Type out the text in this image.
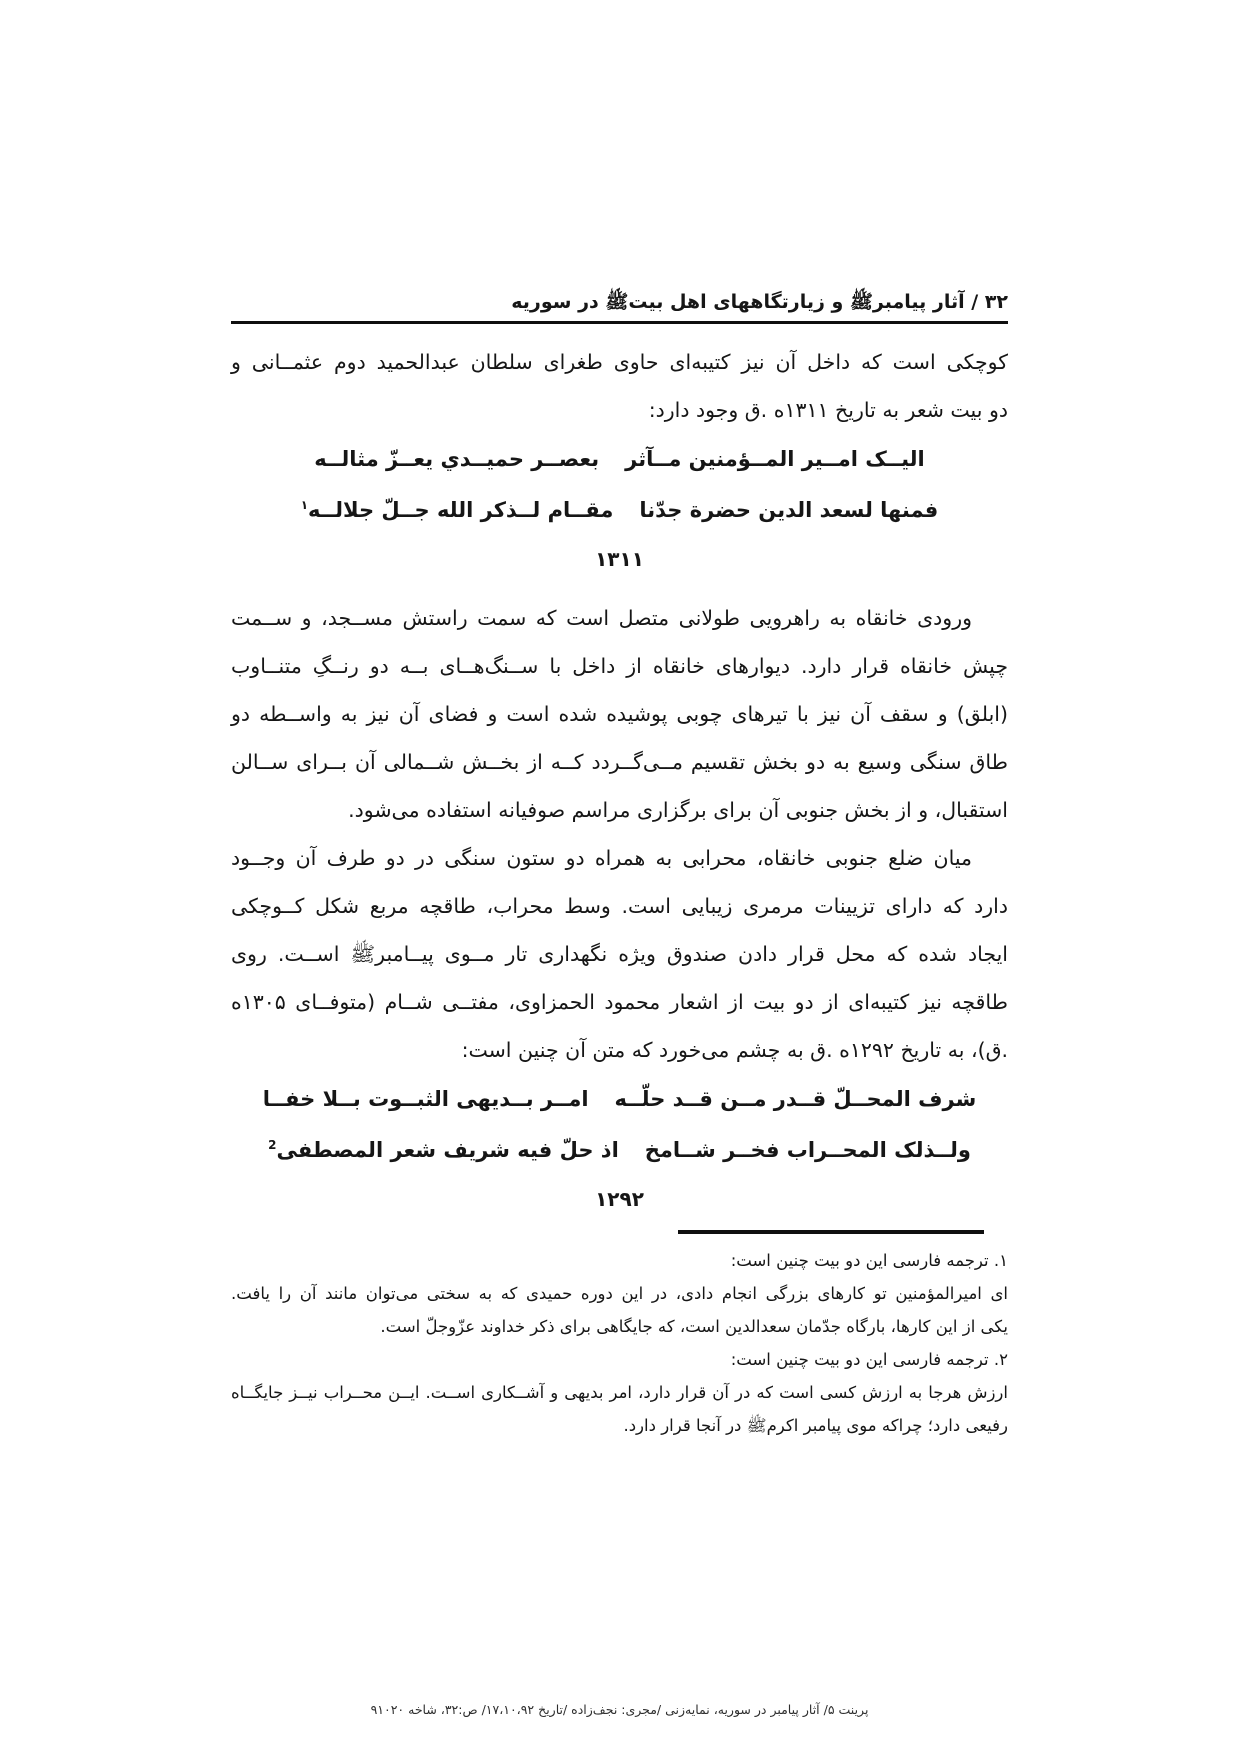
۳۲ / آثار پیامبرﷺ و زیارتگاههای اهل بیتﷺ در سوریه
کوچکی است که داخل آن نیز کتیبه‌ای حاوی طغرای سلطان عبدالحمید دوم عثمــانی و
دو بیت شعر به تاریخ ۱۳۱۱ه .ق وجود دارد:
الیــک امــیر المــؤمنین مــآثر
بعصــر حمیــدي یعــزّ مثالــه
فمنها لسعد الدین حضرة جدّنا
مقــام لــذکر الله جــلّ جلالــه$^۱$
۱۳۱۱
ورودی خانقاه به راهرویی طولانی متصل است که سمت راستش مســجد، و ســمت
چپش خانقاه قرار دارد. دیوارهای خانقاه از داخل با ســنگ‌هــای بــه دو رنــگِ متنــاوب
(ابلق) و سقف آن نیز با تیرهای چوبی پوشیده شده است و فضای آن نیز به واســطه دو
طاق سنگی وسیع به دو بخش تقسیم مــی‌گــردد کــه از بخــش شــمالی آن بــرای ســالن
استقبال، و از بخش جنوبی آن برای برگزاری مراسم صوفیانه استفاده می‌شود.
میان ضلع جنوبی خانقاه، محرابی به همراه دو ستون سنگی در دو طرف آن وجــود
دارد که دارای تزیینات مرمری زیبایی است. وسط محراب، طاقچه مربع شکل کــوچکی
ایجاد شده که محل قرار دادن صندوق ویژه نگهداری تار مــوی پیــامبرﷺ اســت. روی
طاقچه نیز کتیبه‌ای از دو بیت از اشعار محمود الحمزاوی، مفتــی شــام (متوفــای ۱۳۰۵ه
.ق)، به تاریخ ۱۲۹۲ه .ق به چشم می‌خورد که متن آن چنین است:
شرف المحــلّ قــدر مــن قــد حلّــه
امــر بــدیهی الثبــوت بــلا خفــا
ولــذلک المحــراب فخــر شــامخ
اذ حلّ فیه شریف شعر المصطفی$^2$
۱۲۹۲
۱. ترجمه فارسی این دو بیت چنین است:
ای امیرالمؤمنین تو کارهای بزرگی انجام دادی، در این دوره حمیدی که به سختی می‌توان مانند آن را یافت.
یکی از این کارها، بارگاه جدّمان سعدالدین است، که جایگاهی برای ذکر خداوند عزّوجلّ است.
۲. ترجمه فارسی این دو بیت چنین است:
ارزش هرجا به ارزش کسی است که در آن قرار دارد، امر بدیهی و آشــکاری اســت. ایــن محــراب نیــز جایگــاه
رفیعی دارد؛ چراکه موی پیامبر اکرمﷺ در آنجا قرار دارد.
پرینت ۵/ آثار پیامبر در سوریه، نمایه‌زنی /مجری: نجف‌زاده /تاریخ ۱۷،۱۰،۹۲/ ص:۳۲، شاخه ۹۱۰۲۰
